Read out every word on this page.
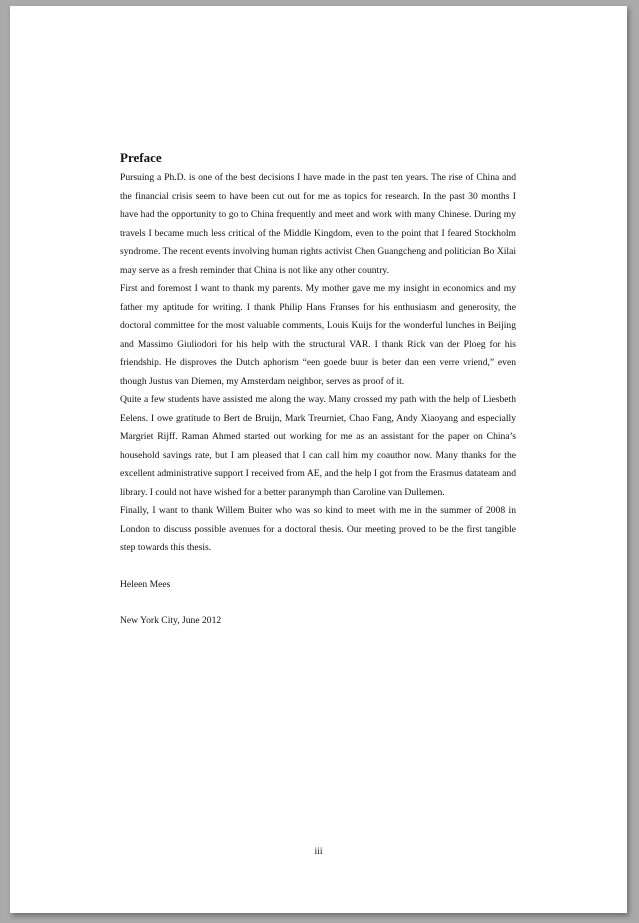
Preface

Pursuing a Ph.D. is one of the best decisions I have made in the past ten years. The rise of China and the financial crisis seem to have been cut out for me as topics for research. In the past 30 months I have had the opportunity to go to China frequently and meet and work with many Chinese. During my travels I became much less critical of the Middle Kingdom, even to the point that I feared Stockholm syndrome. The recent events involving human rights activist Chen Guangcheng and politician Bo Xilai may serve as a fresh reminder that China is not like any other country.

First and foremost I want to thank my parents. My mother gave me my insight in economics and my father my aptitude for writing. I thank Philip Hans Franses for his enthusiasm and generosity, the doctoral committee for the most valuable comments, Louis Kuijs for the wonderful lunches in Beijing and Massimo Giuliodori for his help with the structural VAR. I thank Rick van der Ploeg for his friendship. He disproves the Dutch aphorism “een goede buur is beter dan een verre vriend,” even though Justus van Diemen, my Amsterdam neighbor, serves as proof of it.

Quite a few students have assisted me along the way. Many crossed my path with the help of Liesbeth Eelens. I owe gratitude to Bert de Bruijn, Mark Treurniet, Chao Fang, Andy Xiaoyang and especially Margriet Rijff. Raman Ahmed started out working for me as an assistant for the paper on China’s household savings rate, but I am pleased that I can call him my coauthor now. Many thanks for the excellent administrative support I received from AE, and the help I got from the Erasmus datateam and library. I could not have wished for a better paranymph than Caroline van Dullemen.

Finally, I want to thank Willem Buiter who was so kind to meet with me in the summer of 2008 in London to discuss possible avenues for a doctoral thesis. Our meeting proved to be the first tangible step towards this thesis.

Heleen Mees

New York City, June 2012

iii
